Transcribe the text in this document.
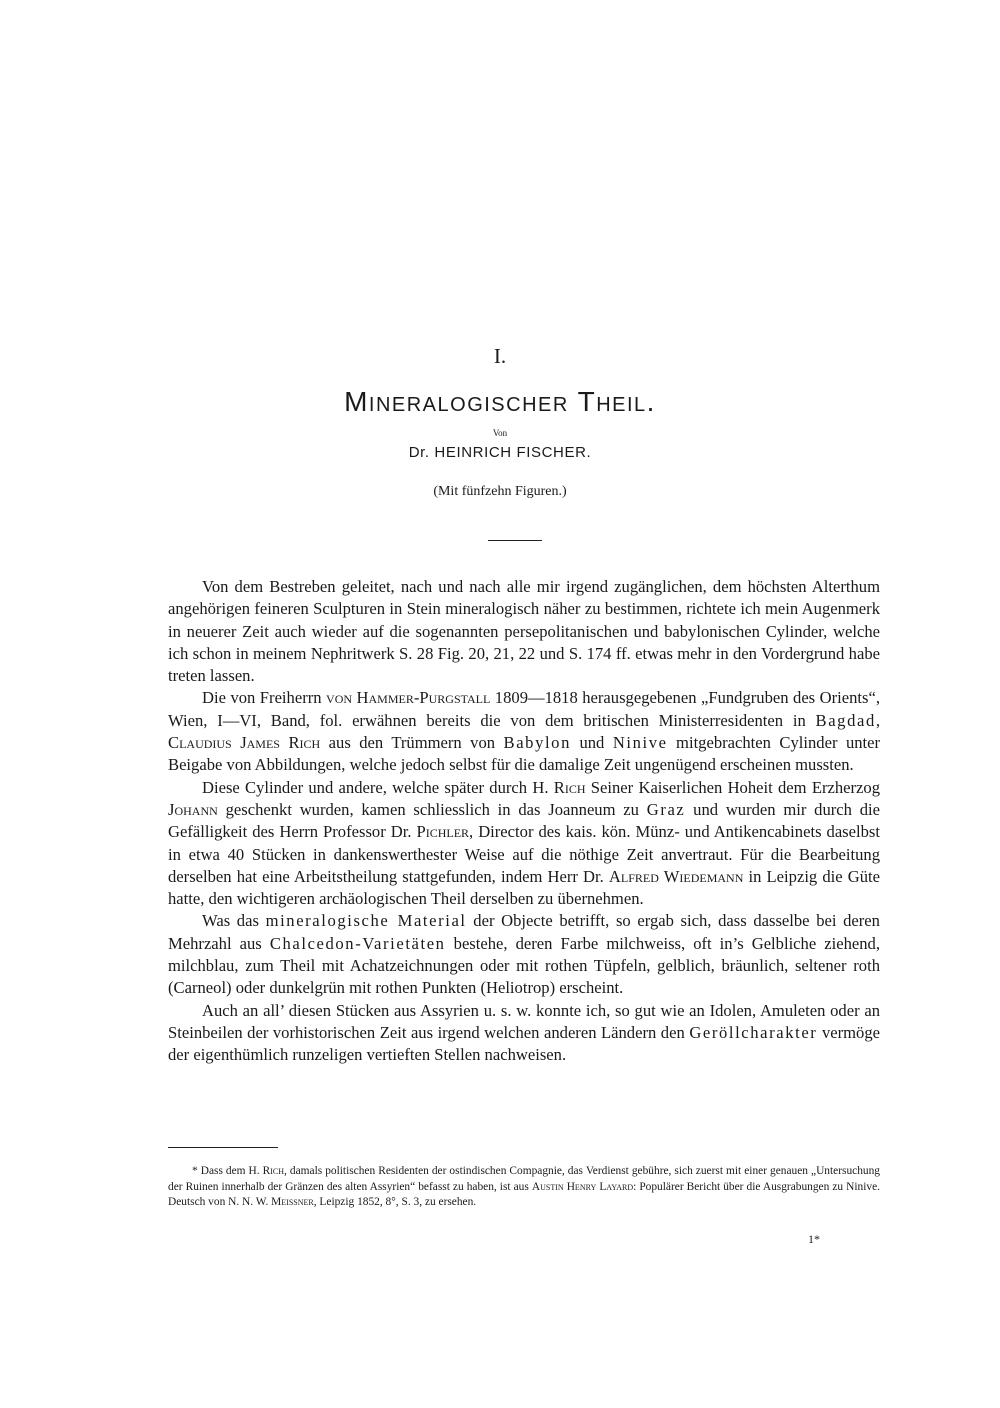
I.
Mineralogischer Theil.
Von
Dr. HEINRICH FISCHER.
(Mit fünfzehn Figuren.)

Von dem Bestreben geleitet, nach und nach alle mir irgend zugänglichen, dem höchsten Alterthum angehörigen feineren Sculpturen in Stein mineralogisch näher zu bestimmen, richtete ich mein Augenmerk in neuerer Zeit auch wieder auf die sogenannten persepolitanischen und babylonischen Cylinder, welche ich schon in meinem Nephritwerk S. 28 Fig. 20, 21, 22 und S. 174 ff. etwas mehr in den Vordergrund habe treten lassen.

Die von Freiherrn von Hammer-Purgstall 1809—1818 herausgegebenen „Fundgruben des Orients“, Wien, I—VI, Band, fol. erwähnen bereits die von dem britischen Ministerresidenten in Bagdad, Claudius James Rich aus den Trümmern von Babylon und Ninive mitgebrachten Cylinder unter Beigabe von Abbildungen, welche jedoch selbst für die damalige Zeit ungenügend erscheinen mussten.

Diese Cylinder und andere, welche später durch H. Rich Seiner Kaiserlichen Hoheit dem Erzherzog Johann geschenkt wurden, kamen schliesslich in das Joanneum zu Graz und wurden mir durch die Gefälligkeit des Herrn Professor Dr. Pichler, Director des kais. kön. Münz- und Antikencabinets daselbst in etwa 40 Stücken in dankenswerthester Weise auf die nöthige Zeit anvertraut. Für die Bearbeitung derselben hat eine Arbeitstheilung stattgefunden, indem Herr Dr. Alfred Wiedemann in Leipzig die Güte hatte, den wichtigeren archäologischen Theil derselben zu übernehmen.

Was das mineralogische Material der Objecte betrifft, so ergab sich, dass dasselbe bei deren Mehrzahl aus Chalcedon-Varietäten bestehe, deren Farbe milchweiss, oft in’s Gelbliche ziehend, milchblau, zum Theil mit Achatzeichnungen oder mit rothen Tüpfeln, gelblich, bräunlich, seltener roth (Carneol) oder dunkelgrün mit rothen Punkten (Heliotrop) erscheint.

Auch an all’ diesen Stücken aus Assyrien u. s. w. konnte ich, so gut wie an Idolen, Amuleten oder an Steinbeilen der vorhistorischen Zeit aus irgend welchen anderen Ländern den Geröllcharakter vermöge der eigenthümlich runzeligen vertieften Stellen nachweisen.

* Dass dem H. Rich, damals politischen Residenten der ostindischen Compagnie, das Verdienst gebühre, sich zuerst mit einer genauen „Untersuchung der Ruinen innerhalb der Gränzen des alten Assyrien“ befasst zu haben, ist aus Austin Henry Layard: Populärer Bericht über die Ausgrabungen zu Ninive. Deutsch von N. N. W. Meissner, Leipzig 1852, 8°, S. 3, zu ersehen.

1*
